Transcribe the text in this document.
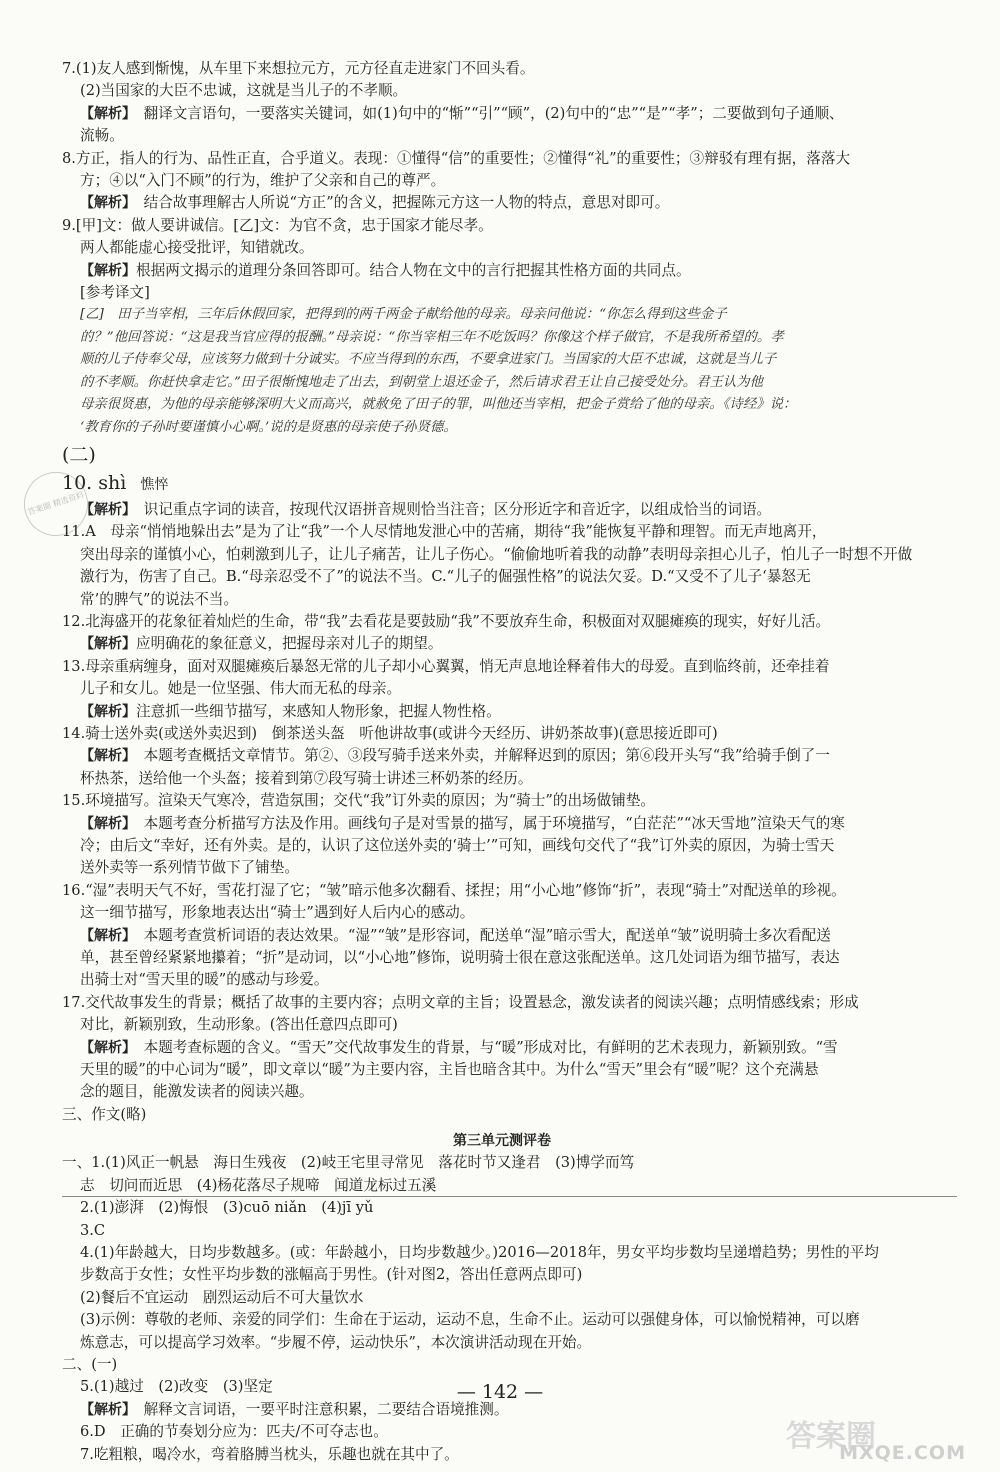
答案圈 精选资料

7.(1)友人感到惭愧，从车里下来想拉元方，元方径直走进家门不回头看。

(2)当国家的大臣不忠诚，这就是当儿子的不孝顺。

【解析】　 翻译文言语句，一要落实关键词，如(1)句中的“惭”“引”“顾”，(2)句中的“忠”“是”“孝”；二要做到句子通顺、

流畅。

8.方正，指人的行为、品性正直，合乎道义。表现：①懂得“信”的重要性；②懂得“礼”的重要性；③辩驳有理有据，落落大

方；④以“入门不顾”的行为，维护了父亲和自己的尊严。

【解析】　 结合故事理解古人所说“方正”的含义，把握陈元方这一人物的特点，意思对即可。

9.[甲]文：做人要讲诚信。[乙]文：为官不贪，忠于国家才能尽孝。

两人都能虚心接受批评，知错就改。

【解析】根据两文揭示的道理分条回答即可。结合人物在文中的言行把握其性格方面的共同点。

[参考译文]

[乙]　田子当宰相，三年后休假回家，把得到的两千两金子献给他的母亲。母亲问他说：“你怎么得到这些金子

的？”他回答说：“这是我当官应得的报酬。”母亲说：“你当宰相三年不吃饭吗？你像这个样子做官，不是我所希望的。孝

顺的儿子侍奉父母，应该努力做到十分诚实。不应当得到的东西，不要拿进家门。当国家的大臣不忠诚，这就是当儿子

的不孝顺。你赶快拿走它。”田子很惭愧地走了出去，到朝堂上退还金子，然后请求君王让自己接受处分。君王认为他

母亲很贤惠，为他的母亲能够深明大义而高兴，就赦免了田子的罪，叫他还当宰相，把金子赏给了他的母亲。《诗经》说：

‘教育你的子孙时要谨慎小心啊。’说的是贤惠的母亲使子孙贤德。

(二)

10. shì 憔悴

【解析】　 识记重点字词的读音，按现代汉语拼音规则恰当注音；区分形近字和音近字，以组成恰当的词语。

11.A　母亲“悄悄地躲出去”是为了让“我”一个人尽情地发泄心中的苦痛，期待“我”能恢复平静和理智。而无声地离开，

突出母亲的谨慎小心，怕刺激到儿子，让儿子痛苦，让儿子伤心。“偷偷地听着我的动静”表明母亲担心儿子，怕儿子一时想不开做

激行为，伤害了自己。B.“母亲忍受不了”的说法不当。C.“儿子的倔强性格”的说法欠妥。D.“又受不了儿子‘暴怒无

常’的脾气”的说法不当。

12.北海盛开的花象征着灿烂的生命，带“我”去看花是要鼓励“我”不要放弃生命，积极面对双腿瘫痪的现实，好好儿活。

【解析】应明确花的象征意义，把握母亲对儿子的期望。

13.母亲重病缠身，面对双腿瘫痪后暴怒无常的儿子却小心翼翼，悄无声息地诠释着伟大的母爱。直到临终前，还牵挂着

儿子和女儿。她是一位坚强、伟大而无私的母亲。

【解析】注意抓一些细节描写，来感知人物形象，把握人物性格。

14.骑士送外卖(或送外卖迟到)　倒茶送头盔　听他讲故事(或讲今天经历、讲奶茶故事)(意思接近即可)

【解析】　 本题考查概括文章情节。第②、③段写骑手送来外卖，并解释迟到的原因；第⑥段开头写“我”给骑手倒了一

杯热茶，送给他一个头盔；接着到第⑦段写骑士讲述三杯奶茶的经历。

15.环境描写。渲染天气寒冷，营造氛围；交代“我”订外卖的原因；为“骑士”的出场做铺垫。

【解析】　 本题考查分析描写方法及作用。画线句子是对雪景的描写，属于环境描写，“白茫茫”“冰天雪地”渲染天气的寒

冷；由后文“幸好，还有外卖。是的，认识了这位送外卖的‘骑士’”可知，画线句交代了“我”订外卖的原因，为骑士雪天

送外卖等一系列情节做下了铺垫。

16.“湿”表明天气不好，雪花打湿了它；“皱”暗示他多次翻看、揉捏；用“小心地”修饰“折”，表现“骑士”对配送单的珍视。

这一细节描写，形象地表达出“骑士”遇到好人后内心的感动。

【解析】　 本题考查赏析词语的表达效果。“湿”“皱”是形容词，配送单“湿”暗示雪大，配送单“皱”说明骑士多次看配送

单，甚至曾经紧紧地攥着；“折”是动词，以“小心地”修饰，说明骑士很在意这张配送单。这几处词语为细节描写，表达

出骑士对“雪天里的暖”的感动与珍爱。

17.交代故事发生的背景；概括了故事的主要内容；点明文章的主旨；设置悬念，激发读者的阅读兴趣；点明情感线索；形成

对比，新颖别致，生动形象。(答出任意四点即可)

【解析】　 本题考查标题的含义。“雪天”交代故事发生的背景，与“暖”形成对比，有鲜明的艺术表现力，新颖别致。“雪

天里的暖”的中心词为“暖”，即文章以“暖”为主要内容，主旨也暗含其中。为什么“雪天”里会有“暖”呢？这个充满悬

念的题目，能激发读者的阅读兴趣。

三、作文(略)

第三单元测评卷

一、1.(1)风正一帆悬　海日生残夜　(2)岐王宅里寻常见　落花时节又逢君　(3)博学而笃

志　切问而近思　(4)杨花落尽子规啼　闻道龙标过五溪

2.(1)澎湃　(2)悔恨　(3)cuō niǎn　(4)jī yǔ

3.C

4.(1)年龄越大，日均步数越多。(或：年龄越小，日均步数越少。)2016—2018年，男女平均步数均呈递增趋势；男性的平均

步数高于女性；女性平均步数的涨幅高于男性。(针对图2，答出任意两点即可)

(2)餐后不宜运动　剧烈运动后不可大量饮水

(3)示例：尊敬的老师、亲爱的同学们：生命在于运动，运动不息，生命不止。运动可以强健身体，可以愉悦精神，可以磨

炼意志，可以提高学习效率。“步履不停，运动快乐”，本次演讲活动现在开始。

二、(一)

5.(1)越过　(2)改变　(3)坚定

【解析】　 解释文言词语，一要平时注意积累，二要结合语境推测。

6.D　正确的节奏划分应为：匹夫/不可夺志也。

7.吃粗粮，喝冷水，弯着胳膊当枕头，乐趣也就在其中了。

— 142 —
答案圈
MXQE.COM
